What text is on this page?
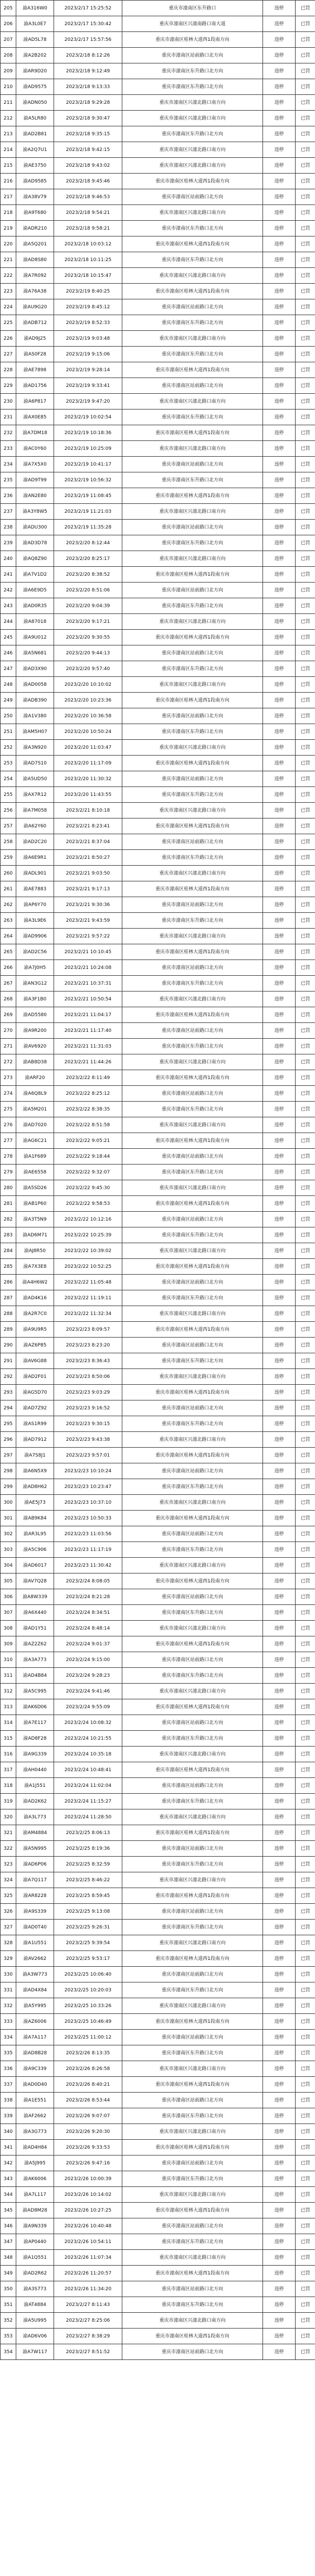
205	渝A316W0	2023/2/17 15:25:52	重庆市潼南区东升路口	违停	已罚
206	渝A3L0E7	2023/2/17 15:30:42	重庆市潼南区兴潼南路口南大道	违停	已罚
207	渝AD5L78	2023/2/17 15:57:56	重庆市潼南区桂林大道西1段南方向	违停	已罚
208	渝A2B202	2023/2/18 8:12:26	重庆市潼南区站前路口北方向	违停	已罚
209	渝AR9D20	2023/2/18 9:12:49	重庆市潼南区东升路口北方向	违停	已罚
210	渝AD9575	2023/2/18 9:13:33	重庆市潼南区东升路口北方向	违停	已罚
211	渝ADN050	2023/2/18 9:29:28	重庆市潼南区兴潼北路口南方向	违停	已罚
212	渝A5LR80	2023/2/18 9:30:47	重庆市潼南区兴潼北路口南方向	违停	已罚
213	渝AD2B81	2023/2/18 9:35:15	重庆市潼南区东升路口北方向	违停	已罚
214	渝A2Q7U1	2023/2/18 9:42:15	重庆市潼南区兴潼北路口南方向	违停	已罚
215	渝AE3750	2023/2/18 9:43:02	重庆市潼南区兴潼北路口南方向	违停	已罚
216	渝AD9585	2023/2/18 9:45:46	重庆市潼南区桂林大道西1段南方向	违停	已罚
217	渝A38V79	2023/2/18 9:46:53	重庆市潼南区站前路口北方向	违停	已罚
218	渝A9T680	2023/2/18 9:54:21	重庆市潼南区兴潼北路口南方向	违停	已罚
219	渝ADR210	2023/2/18 9:58:21	重庆市潼南区东升路口北方向	违停	已罚
220	渝A5Q201	2023/2/18 10:03:12	重庆市潼南区桂林大道西1段南方向	违停	已罚
221	渝AD8S80	2023/2/18 10:11:25	重庆市潼南区东升路口北方向	违停	已罚
222	渝A7R092	2023/2/18 10:15:47	重庆市潼南区兴潼北路口南方向	违停	已罚
223	渝A76A38	2023/2/19 8:40:25	重庆市潼南区桂林大道西1段南方向	违停	已罚
224	渝AU9G20	2023/2/19 8:45:12	重庆市潼南区站前路口北方向	违停	已罚
225	渝ADB712	2023/2/19 8:52:33	重庆市潼南区东升路口北方向	违停	已罚
226	渝AD9J25	2023/2/19 9:03:48	重庆市潼南区兴潼北路口南方向	违停	已罚
227	渝AS0F28	2023/2/19 9:15:06	重庆市潼南区东升路口北方向	违停	已罚
228	渝AE7898	2023/2/19 9:28:14	重庆市潼南区桂林大道西1段南方向	违停	已罚
229	渝AD1756	2023/2/19 9:33:41	重庆市潼南区站前路口北方向	违停	已罚
230	渝A6P817	2023/2/19 9:47:20	重庆市潼南区兴潼北路口南方向	违停	已罚
231	渝AX0E85	2023/2/19 10:02:54	重庆市潼南区东升路口北方向	违停	已罚
232	渝A7DM18	2023/2/19 10:18:36	重庆市潼南区桂林大道西1段南方向	违停	已罚
233	渝AC0Y60	2023/2/19 10:25:09	重庆市潼南区兴潼北路口南方向	违停	已罚
234	渝A7X5X0	2023/2/19 10:41:17	重庆市潼南区站前路口北方向	违停	已罚
235	渝AD9T99	2023/2/19 10:56:32	重庆市潼南区东升路口北方向	违停	已罚
236	渝AN2E80	2023/2/19 11:08:45	重庆市潼南区桂林大道西1段南方向	违停	已罚
237	渝A3Y8W5	2023/2/19 11:21:03	重庆市潼南区兴潼北路口南方向	违停	已罚
238	渝ADU300	2023/2/19 11:35:28	重庆市潼南区站前路口北方向	违停	已罚
239	渝AD3D78	2023/2/20 8:12:44	重庆市潼南区东升路口北方向	违停	已罚
240	渝AQ8Z90	2023/2/20 8:25:17	重庆市潼南区兴潼北路口南方向	违停	已罚
241	渝A7V1D2	2023/2/20 8:38:52	重庆市潼南区桂林大道西1段南方向	违停	已罚
242	渝A6E9D5	2023/2/20 8:51:06	重庆市潼南区站前路口北方向	违停	已罚
243	渝AD0R35	2023/2/20 9:04:39	重庆市潼南区东升路口北方向	违停	已罚
244	渝A87018	2023/2/20 9:17:21	重庆市潼南区兴潼北路口南方向	违停	已罚
245	渝A9U012	2023/2/20 9:30:55	重庆市潼南区桂林大道西1段南方向	违停	已罚
246	渝A5N681	2023/2/20 9:44:13	重庆市潼南区站前路口北方向	违停	已罚
247	渝AD3X90	2023/2/20 9:57:40	重庆市潼南区东升路口北方向	违停	已罚
248	渝AD0058	2023/2/20 10:10:02	重庆市潼南区兴潼北路口南方向	违停	已罚
249	渝ADB390	2023/2/20 10:23:36	重庆市潼南区桂林大道西1段南方向	违停	已罚
250	渝A1V380	2023/2/20 10:36:58	重庆市潼南区站前路口北方向	违停	已罚
251	渝AM5H07	2023/2/20 10:50:24	重庆市潼南区东升路口北方向	违停	已罚
252	渝A3N920	2023/2/20 11:03:47	重庆市潼南区兴潼北路口南方向	违停	已罚
253	渝AD7S10	2023/2/20 11:17:09	重庆市潼南区桂林大道西1段南方向	违停	已罚
254	渝A5UD50	2023/2/20 11:30:32	重庆市潼南区站前路口北方向	违停	已罚
255	渝AX7R12	2023/2/20 11:43:55	重庆市潼南区东升路口北方向	违停	已罚
256	渝A7M058	2023/2/21 8:10:18	重庆市潼南区兴潼北路口南方向	违停	已罚
257	渝A62Y60	2023/2/21 8:23:41	重庆市潼南区桂林大道西1段南方向	违停	已罚
258	渝AD2C20	2023/2/21 8:37:04	重庆市潼南区站前路口北方向	违停	已罚
259	渝A6E9R1	2023/2/21 8:50:27	重庆市潼南区东升路口北方向	违停	已罚
260	渝ADL901	2023/2/21 9:03:50	重庆市潼南区兴潼北路口南方向	违停	已罚
261	渝AE7883	2023/2/21 9:17:13	重庆市潼南区桂林大道西1段南方向	违停	已罚
262	渝AP6Y70	2023/2/21 9:30:36	重庆市潼南区站前路口北方向	违停	已罚
263	渝A3L9E6	2023/2/21 9:43:59	重庆市潼南区东升路口北方向	违停	已罚
264	渝AD9906	2023/2/21 9:57:22	重庆市潼南区兴潼北路口南方向	违停	已罚
265	渝AD2C56	2023/2/21 10:10:45	重庆市潼南区桂林大道西1段南方向	违停	已罚
266	渝A7J0H5	2023/2/21 10:24:08	重庆市潼南区站前路口北方向	违停	已罚
267	渝AN3G12	2023/2/21 10:37:31	重庆市潼南区东升路口北方向	违停	已罚
268	渝A3F1B0	2023/2/21 10:50:54	重庆市潼南区兴潼北路口南方向	违停	已罚
269	渝AD5580	2023/2/21 11:04:17	重庆市潼南区桂林大道西1段南方向	违停	已罚
270	渝A9R200	2023/2/21 11:17:40	重庆市潼南区站前路口北方向	违停	已罚
271	渝AV6920	2023/2/21 11:31:03	重庆市潼南区东升路口北方向	违停	已罚
272	渝AB8D38	2023/2/21 11:44:26	重庆市潼南区兴潼北路口南方向	违停	已罚
273	渝ARF20	2023/2/22 8:11:49	重庆市潼南区桂林大道西1段南方向	违停	已罚
274	渝A6Q8L9	2023/2/22 8:25:12	重庆市潼南区站前路口北方向	违停	已罚
275	渝A5M201	2023/2/22 8:38:35	重庆市潼南区东升路口北方向	违停	已罚
276	渝AD7020	2023/2/22 8:51:58	重庆市潼南区兴潼北路口南方向	违停	已罚
277	渝AG6C21	2023/2/22 9:05:21	重庆市潼南区桂林大道西1段南方向	违停	已罚
278	渝A1F689	2023/2/22 9:18:44	重庆市潼南区站前路口北方向	违停	已罚
279	渝AE6558	2023/2/22 9:32:07	重庆市潼南区东升路口北方向	违停	已罚
280	渝A5SD26	2023/2/22 9:45:30	重庆市潼南区兴潼北路口南方向	违停	已罚
281	渝AB1P60	2023/2/22 9:58:53	重庆市潼南区桂林大道西1段南方向	违停	已罚
282	渝A3T5N9	2023/2/22 10:12:16	重庆市潼南区站前路口北方向	违停	已罚
283	渝AD6M71	2023/2/22 10:25:39	重庆市潼南区东升路口北方向	违停	已罚
284	渝AJ8R50	2023/2/22 10:39:02	重庆市潼南区兴潼北路口南方向	违停	已罚
285	渝A7X3E8	2023/2/22 10:52:25	重庆市潼南区桂林大道西1段南方向	违停	已罚
286	渝A4H6W2	2023/2/22 11:05:48	重庆市潼南区站前路口北方向	违停	已罚
287	渝AD4K16	2023/2/22 11:19:11	重庆市潼南区东升路口北方向	违停	已罚
288	渝A2R7C0	2023/2/22 11:32:34	重庆市潼南区兴潼北路口南方向	违停	已罚
289	渝A9U9R5	2023/2/23 8:09:57	重庆市潼南区桂林大道西1段南方向	违停	已罚
290	渝AZ6P85	2023/2/23 8:23:20	重庆市潼南区站前路口北方向	违停	已罚
291	渝AV6G88	2023/2/23 8:36:43	重庆市潼南区东升路口北方向	违停	已罚
292	渝AD2F01	2023/2/23 8:50:06	重庆市潼南区兴潼北路口南方向	违停	已罚
293	渝AG5D70	2023/2/23 9:03:29	重庆市潼南区桂林大道西1段南方向	违停	已罚
294	渝AD7Z92	2023/2/23 9:16:52	重庆市潼南区站前路口北方向	违停	已罚
295	渝AS1R99	2023/2/23 9:30:15	重庆市潼南区东升路口北方向	违停	已罚
296	渝AD7912	2023/2/23 9:43:38	重庆市潼南区兴潼北路口南方向	违停	已罚
297	渝A7S8J1	2023/2/23 9:57:01	重庆市潼南区桂林大道西1段南方向	违停	已罚
298	渝A6N5X9	2023/2/23 10:10:24	重庆市潼南区站前路口北方向	违停	已罚
299	渝AD8H62	2023/2/23 10:23:47	重庆市潼南区东升路口北方向	违停	已罚
300	渝AE5J73	2023/2/23 10:37:10	重庆市潼南区兴潼北路口南方向	违停	已罚
301	渝AB9K84	2023/2/23 10:50:33	重庆市潼南区桂林大道西1段南方向	违停	已罚
302	渝AR3L95	2023/2/23 11:03:56	重庆市潼南区站前路口北方向	违停	已罚
303	渝A5C906	2023/2/23 11:17:19	重庆市潼南区东升路口北方向	违停	已罚
304	渝AD6017	2023/2/23 11:30:42	重庆市潼南区兴潼北路口南方向	违停	已罚
305	渝AV7Q28	2023/2/24 8:08:05	重庆市潼南区桂林大道西1段南方向	违停	已罚
306	渝A8W339	2023/2/24 8:21:28	重庆市潼南区站前路口北方向	违停	已罚
307	渝A6X440	2023/2/24 8:34:51	重庆市潼南区东升路口北方向	违停	已罚
308	渝AD1Y51	2023/2/24 8:48:14	重庆市潼南区兴潼北路口南方向	违停	已罚
309	渝AZ2Z62	2023/2/24 9:01:37	重庆市潼南区桂林大道西1段南方向	违停	已罚
310	渝A3A773	2023/2/24 9:15:00	重庆市潼南区站前路口北方向	违停	已罚
311	渝AD4B84	2023/2/24 9:28:23	重庆市潼南区东升路口北方向	违停	已罚
312	渝A5C995	2023/2/24 9:41:46	重庆市潼南区兴潼北路口南方向	违停	已罚
313	渝AK6D06	2023/2/24 9:55:09	重庆市潼南区桂林大道西1段南方向	违停	已罚
314	渝A7E117	2023/2/24 10:08:32	重庆市潼南区站前路口北方向	违停	已罚
315	渝AD8F28	2023/2/24 10:21:55	重庆市潼南区东升路口北方向	违停	已罚
316	渝A9G339	2023/2/24 10:35:18	重庆市潼南区兴潼北路口南方向	违停	已罚
317	渝AH0440	2023/2/24 10:48:41	重庆市潼南区桂林大道西1段南方向	违停	已罚
318	渝A1J551	2023/2/24 11:02:04	重庆市潼南区站前路口北方向	违停	已罚
319	渝AD2K62	2023/2/24 11:15:27	重庆市潼南区东升路口北方向	违停	已罚
320	渝A3L773	2023/2/24 11:28:50	重庆市潼南区兴潼北路口南方向	违停	已罚
321	渝AM4884	2023/2/25 8:06:13	重庆市潼南区桂林大道西1段南方向	违停	已罚
322	渝A5N995	2023/2/25 8:19:36	重庆市潼南区站前路口北方向	违停	已罚
323	渝AD6P06	2023/2/25 8:32:59	重庆市潼南区东升路口北方向	违停	已罚
324	渝A7Q117	2023/2/25 8:46:22	重庆市潼南区兴潼北路口南方向	违停	已罚
325	渝AR8228	2023/2/25 8:59:45	重庆市潼南区桂林大道西1段南方向	违停	已罚
326	渝A9S339	2023/2/25 9:13:08	重庆市潼南区站前路口北方向	违停	已罚
327	渝AD0T40	2023/2/25 9:26:31	重庆市潼南区东升路口北方向	违停	已罚
328	渝A1U551	2023/2/25 9:39:54	重庆市潼南区兴潼北路口南方向	违停	已罚
329	渝AV2662	2023/2/25 9:53:17	重庆市潼南区桂林大道西1段南方向	违停	已罚
330	渝A3W773	2023/2/25 10:06:40	重庆市潼南区站前路口北方向	违停	已罚
331	渝AD4X84	2023/2/25 10:20:03	重庆市潼南区东升路口北方向	违停	已罚
332	渝A5Y995	2023/2/25 10:33:26	重庆市潼南区兴潼北路口南方向	违停	已罚
333	渝AZ6006	2023/2/25 10:46:49	重庆市潼南区桂林大道西1段南方向	违停	已罚
334	渝A7A117	2023/2/25 11:00:12	重庆市潼南区站前路口北方向	违停	已罚
335	渝AD8B28	2023/2/26 8:13:35	重庆市潼南区东升路口北方向	违停	已罚
336	渝A9C339	2023/2/26 8:26:58	重庆市潼南区兴潼北路口南方向	违停	已罚
337	渝AD0D40	2023/2/26 8:40:21	重庆市潼南区桂林大道西1段南方向	违停	已罚
338	渝A1E551	2023/2/26 8:53:44	重庆市潼南区站前路口北方向	违停	已罚
339	渝AF2662	2023/2/26 9:07:07	重庆市潼南区东升路口北方向	违停	已罚
340	渝A3G773	2023/2/26 9:20:30	重庆市潼南区兴潼北路口南方向	违停	已罚
341	渝AD4H84	2023/2/26 9:33:53	重庆市潼南区桂林大道西1段南方向	违停	已罚
342	渝A5J995	2023/2/26 9:47:16	重庆市潼南区站前路口北方向	违停	已罚
343	渝AK6006	2023/2/26 10:00:39	重庆市潼南区东升路口北方向	违停	已罚
344	渝A7L117	2023/2/26 10:14:02	重庆市潼南区兴潼北路口南方向	违停	已罚
345	渝AD8M28	2023/2/26 10:27:25	重庆市潼南区桂林大道西1段南方向	违停	已罚
346	渝A9N339	2023/2/26 10:40:48	重庆市潼南区站前路口北方向	违停	已罚
347	渝AP0440	2023/2/26 10:54:11	重庆市潼南区东升路口北方向	违停	已罚
348	渝A1Q551	2023/2/26 11:07:34	重庆市潼南区兴潼北路口南方向	违停	已罚
349	渝AD2R62	2023/2/26 11:20:57	重庆市潼南区桂林大道西1段南方向	违停	已罚
350	渝A3S773	2023/2/26 11:34:20	重庆市潼南区站前路口北方向	违停	已罚
351	渝AT4884	2023/2/27 8:11:43	重庆市潼南区东升路口北方向	违停	已罚
352	渝A5U995	2023/2/27 8:25:06	重庆市潼南区兴潼北路口南方向	违停	已罚
353	渝AD6V06	2023/2/27 8:38:29	重庆市潼南区桂林大道西1段南方向	违停	已罚
354	渝A7W117	2023/2/27 8:51:52	重庆市潼南区站前路口北方向	违停	已罚
